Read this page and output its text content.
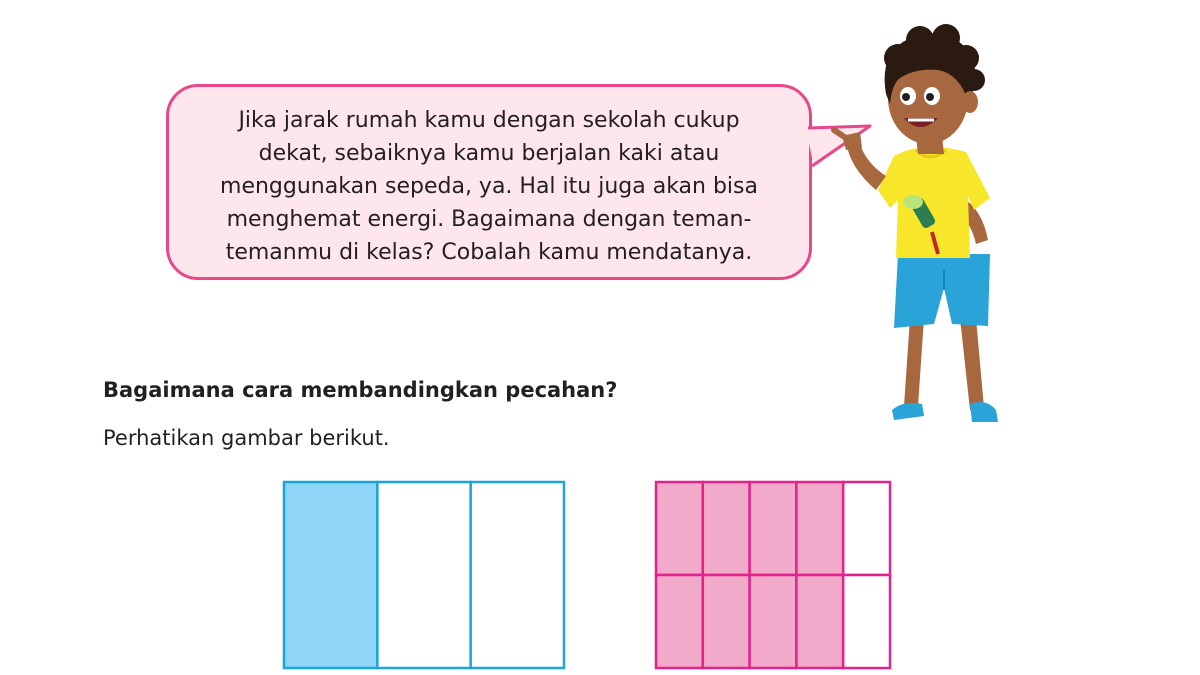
Jika jarak rumah kamu dengan sekolah cukup
dekat, sebaiknya kamu berjalan kaki atau
menggunakan sepeda, ya. Hal itu juga akan bisa
menghemat energi. Bagaimana dengan teman-
temanmu di kelas? Cobalah kamu mendatanya.

Bagaimana cara membandingkan pecahan?

Perhatikan gambar berikut.
